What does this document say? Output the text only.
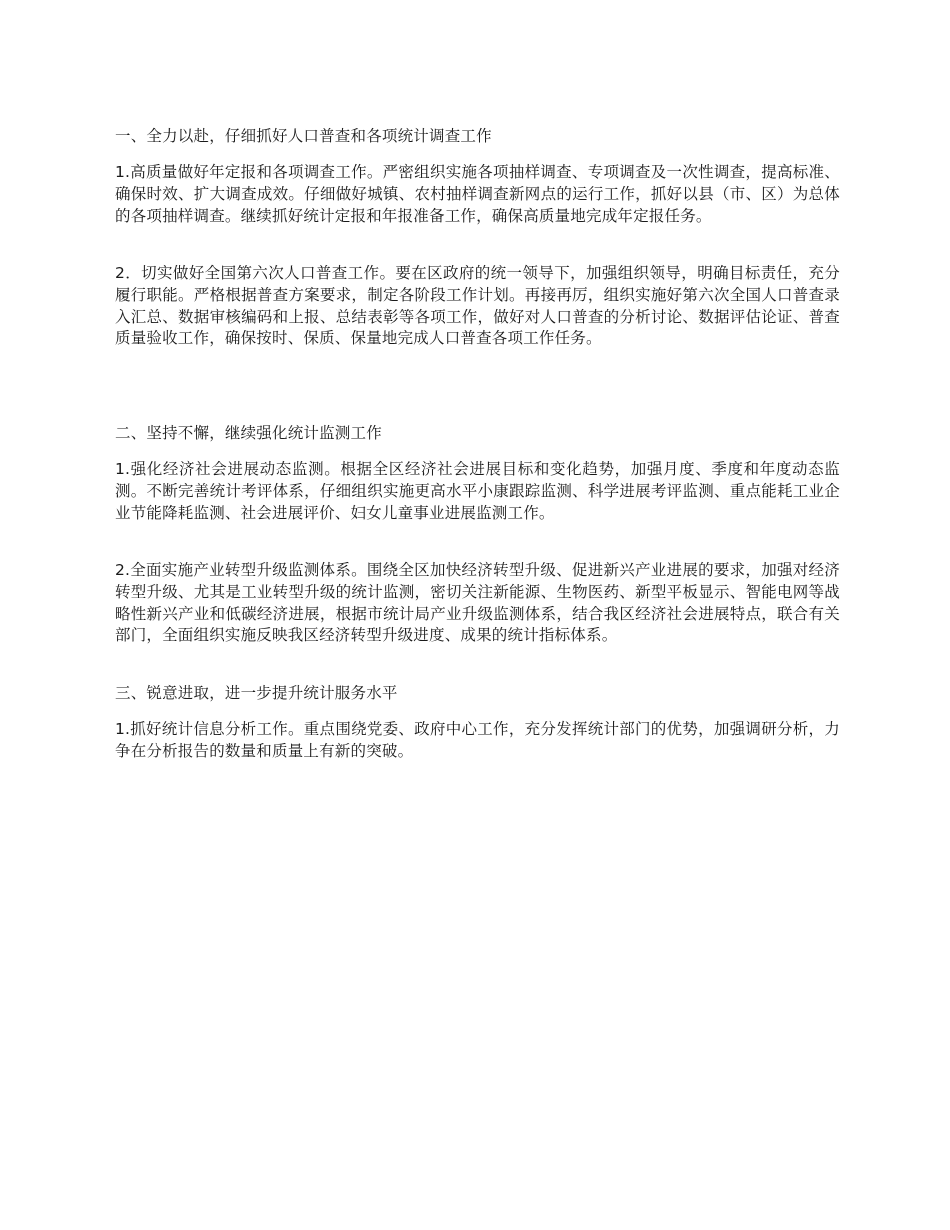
一、全力以赴，仔细抓好人口普查和各项统计调查工作

1.高质量做好年定报和各项调查工作。严密组织实施各项抽样调查、专项调查及一次性调查，提高标准、确保时效、扩大调查成效。仔细做好城镇、农村抽样调查新网点的运行工作，抓好以县（市、区）为总体的各项抽样调查。继续抓好统计定报和年报准备工作，确保高质量地完成年定报任务。

2．切实做好全国第六次人口普查工作。要在区政府的统一领导下，加强组织领导，明确目标责任，充分履行职能。严格根据普查方案要求，制定各阶段工作计划。再接再厉，组织实施好第六次全国人口普查录入汇总、数据审核编码和上报、总结表彰等各项工作，做好对人口普查的分析讨论、数据评估论证、普查质量验收工作，确保按时、保质、保量地完成人口普查各项工作任务。

二、坚持不懈，继续强化统计监测工作

1.强化经济社会进展动态监测。根据全区经济社会进展目标和变化趋势，加强月度、季度和年度动态监测。不断完善统计考评体系，仔细组织实施更高水平小康跟踪监测、科学进展考评监测、重点能耗工业企业节能降耗监测、社会进展评价、妇女儿童事业进展监测工作。

2.全面实施产业转型升级监测体系。围绕全区加快经济转型升级、促进新兴产业进展的要求，加强对经济转型升级、尤其是工业转型升级的统计监测，密切关注新能源、生物医药、新型平板显示、智能电网等战略性新兴产业和低碳经济进展，根据市统计局产业升级监测体系，结合我区经济社会进展特点，联合有关部门，全面组织实施反映我区经济转型升级进度、成果的统计指标体系。

三、锐意进取，进一步提升统计服务水平

1.抓好统计信息分析工作。重点围绕党委、政府中心工作，充分发挥统计部门的优势，加强调研分析，力争在分析报告的数量和质量上有新的突破。
